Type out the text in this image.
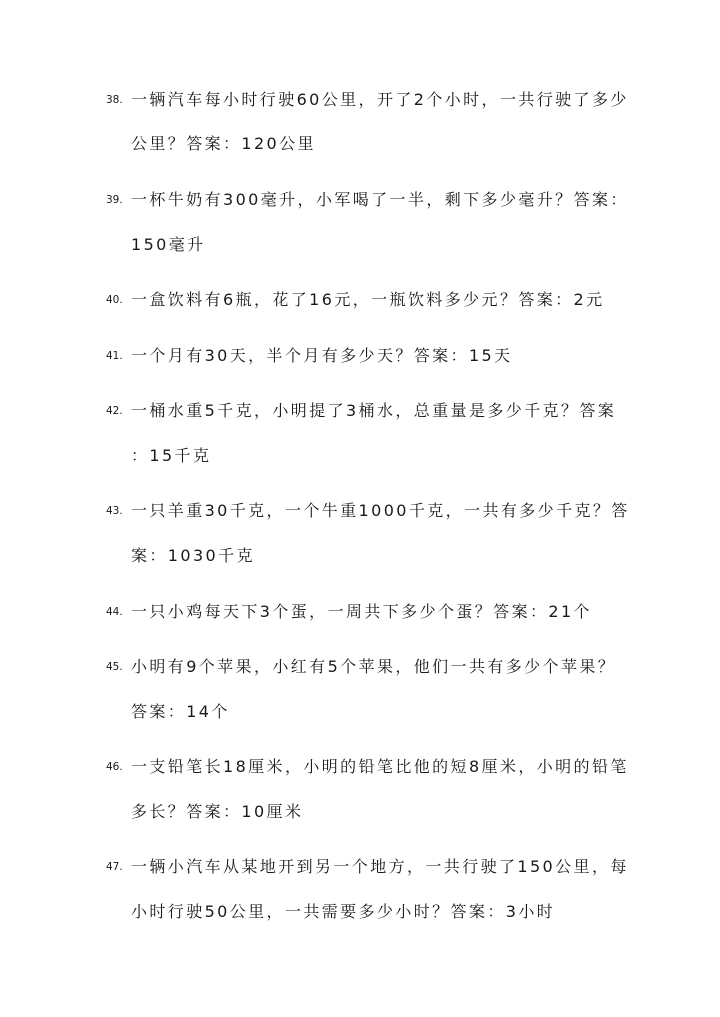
38. 一辆汽车每小时行驶60公里，开了2个小时，一共行驶了多少
公里？答案：120公里
39. 一杯牛奶有300毫升，小军喝了一半，剩下多少毫升？答案：
150毫升
40. 一盒饮料有6瓶，花了16元，一瓶饮料多少元？答案：2元
41. 一个月有30天，半个月有多少天？答案：15天
42. 一桶水重5千克，小明提了3桶水，总重量是多少千克？答案
：15千克
43. 一只羊重30千克，一个牛重1000千克，一共有多少千克？答
案：1030千克
44. 一只小鸡每天下3个蛋，一周共下多少个蛋？答案：21个
45. 小明有9个苹果，小红有5个苹果，他们一共有多少个苹果？
答案：14个
46. 一支铅笔长18厘米，小明的铅笔比他的短8厘米，小明的铅笔
多长？答案：10厘米
47. 一辆小汽车从某地开到另一个地方，一共行驶了150公里，每
小时行驶50公里，一共需要多少小时？答案：3小时
